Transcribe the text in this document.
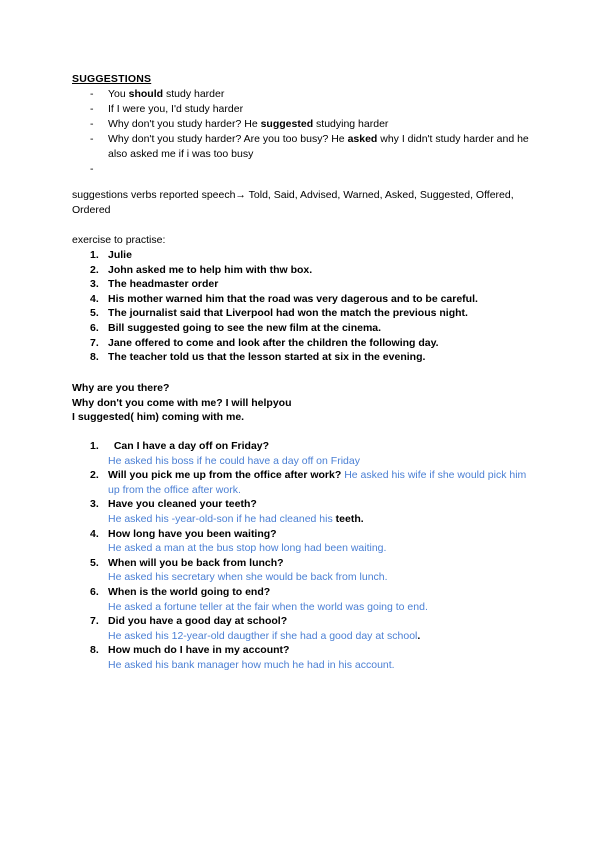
SUGGESTIONS
- You should study harder
- If I were you, I'd study harder
- Why don't you study harder? He suggested studying harder
- Why don't you study harder? Are you too busy? He asked why I didn't study harder and he also asked me if i was too busy
-
suggestions verbs reported speech→ Told, Said, Advised, Warned, Asked, Suggested, Offered, Ordered
exercise to practise:
1. Julie
2. John asked me to help him with thw box.
3. The headmaster order
4. His mother warned him that the road was very dagerous and to be careful.
5. The journalist said that Liverpool had won the match the previous night.
6. Bill suggested going to see the new film at the cinema.
7. Jane offered to come and look after the children the following day.
8. The teacher told us that the lesson started at six in the evening.
Why are you there?
Why don't you come with me? I will helpyou
I suggested( him) coming with me.
1. Can I have a day off on Friday?
He asked his boss if he could have a day off on Friday
2. Will you pick me up from the office after work? He asked his wife if she would pick him up from the office after work.
3. Have you cleaned your teeth?
He asked his -year-old-son if he had cleaned his teeth.
4. How long have you been waiting?
He asked a man at the bus stop how long had been waiting.
5. When will you be back from lunch?
He asked his secretary when she would be back from lunch.
6. When is the world going to end?
He asked a fortune teller at the fair when the world was going to end.
7. Did you have a good day at school?
He asked his 12-year-old daugther if she had a good day at school.
8. How much do I have in my account?
He asked his bank manager how much he had in his account.
